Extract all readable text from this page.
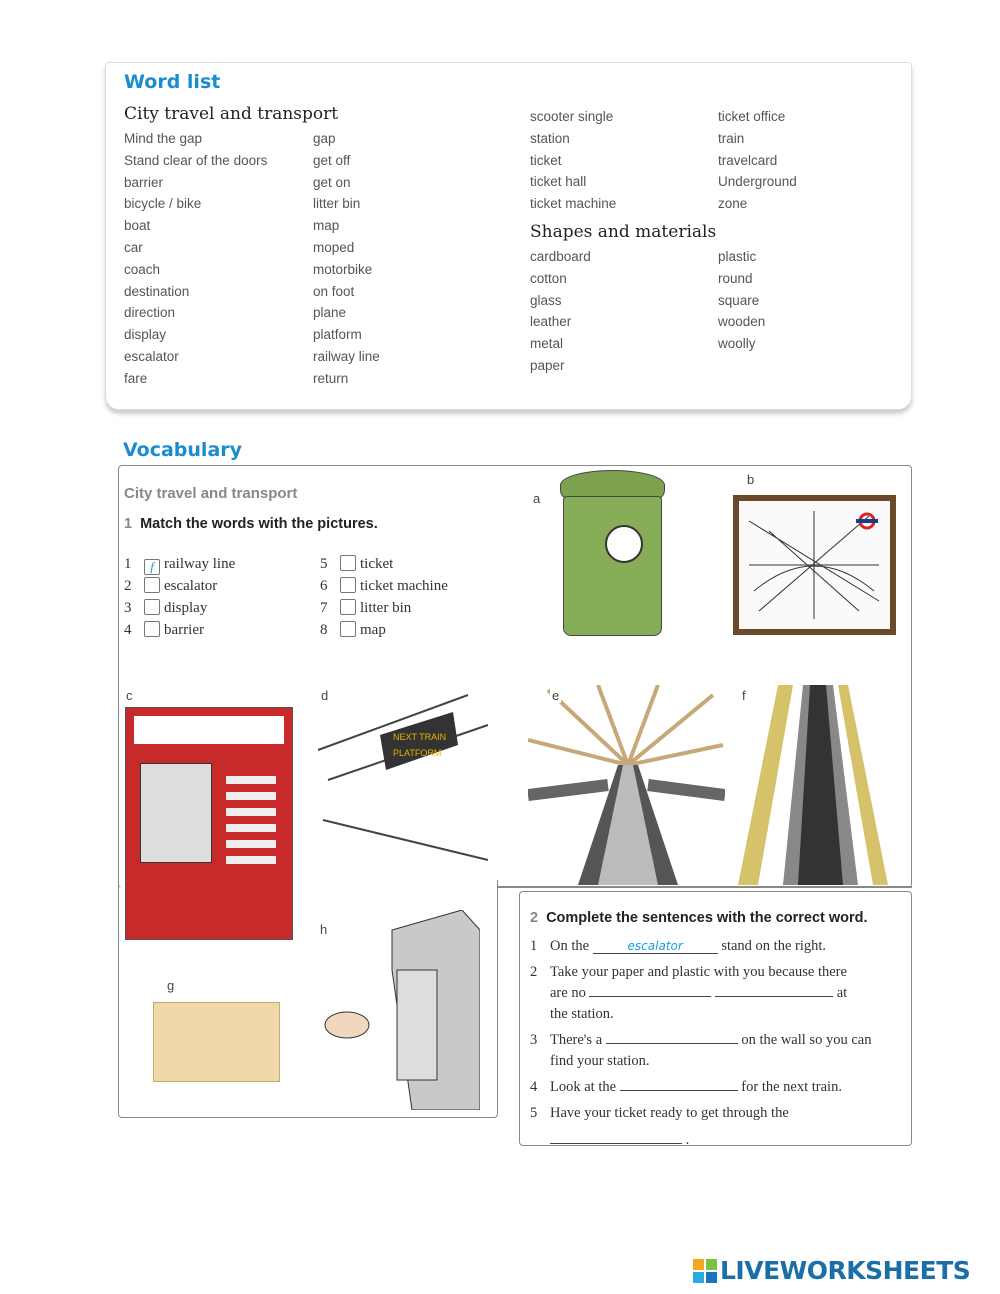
Word list
City travel and transport
Mind the gap
Stand clear of the doors
barrier
bicycle / bike
boat
car
coach
destination
direction
display
escalator
fare
gap
get off
get on
litter bin
map
moped
motorbike
on foot
plane
platform
railway line
return
scooter single
station
ticket
ticket hall
ticket machine
ticket office
train
travelcard
Underground
zone
Shapes and materials
cardboard
cotton
glass
leather
metal
paper
plastic
round
square
wooden
woolly
Vocabulary
City travel and transport
1 Match the words with the pictures.
1 f railway line
2 escalator
3 display
4 barrier
5 ticket
6 ticket machine
7 litter bin
8 map
a
b
c	d
NEXT TRAIN
PLATFORM
e	f
g
h
2 Complete the sentences with the correct word.
1 On the	escalator	stand on the right.
2 Take your paper and plastic with you because there
are no	at
the station.
3 There's a	on the wall so you can
find your station.
4 Look at the	for the next train.
5 Have your ticket ready to get through the
.
LIVEWORKSHEETS
